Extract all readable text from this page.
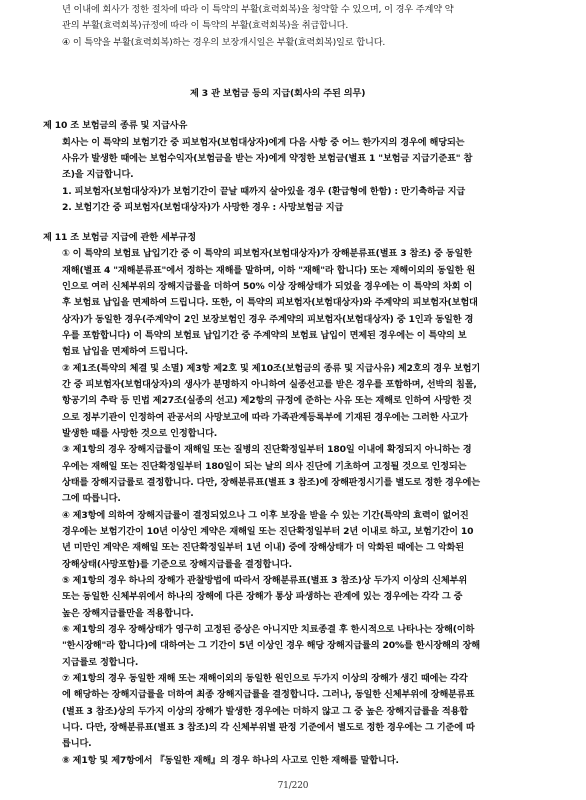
년 이내에 회사가 정한 절차에 따라 이 특약의 부활(효력회복)을 청약할 수 있으며, 이 경우 주계약 약
관의 부활(효력회복)규정에 따라 이 특약의 부활(효력회복)을 취급합니다.
④ 이 특약을 부활(효력회복)하는 경우의 보장개시일은 부활(효력회복)일로 합니다.
제 3 관 보험금 등의 지급(회사의 주된 의무)
제 10 조 보험금의 종류 및 지급사유
회사는 이 특약의 보험기간 중 피보험자(보험대상자)에게 다음 사항 중 어느 한가지의 경우에 해당되는
사유가 발생한 때에는 보험수익자(보험금을 받는 자)에게 약정한 보험금(별표 1 "보험금 지급기준표" 참
조)을 지급합니다.
1. 피보험자(보험대상자)가 보험기간이 끝날 때까지 살아있을 경우 (환급형에 한함) : 만기축하금 지급
2. 보험기간 중 피보험자(보험대상자)가 사망한 경우 : 사망보험금 지급
제 11 조 보험금 지급에 관한 세부규정
① 이 특약의 보험료 납입기간 중 이 특약의 피보험자(보험대상자)가 장해분류표(별표 3 참조) 중 동일한
재해(별표 4 "재해분류표"에서 정하는 재해를 말하며, 이하 "재해"라 합니다) 또는 재해이외의 동일한 원
인으로 여러 신체부위의 장해지급률을 더하여 50% 이상 장해상태가 되었을 경우에는 이 특약의 차회 이
후 보험료 납입을 면제하여 드립니다. 또한, 이 특약의 피보험자(보험대상자)와 주계약의 피보험자(보험대
상자)가 동일한 경우(주계약이 2인 보장보험인 경우 주계약의 피보험자(보험대상자) 중 1인과 동일한 경
우를 포함합니다) 이 특약의 보험료 납입기간 중 주계약의 보험료 납입이 면제된 경우에는 이 특약의 보
험료 납입을 면제하여 드립니다.
② 제1조(특약의 체결 및 소멸) 제3항 제2호 및 제10조(보험금의 종류 및 지급사유) 제2호의 경우 보험기
간 중 피보험자(보험대상자)의 생사가 분명하지 아니하여 실종선고를 받은 경우를 포함하며, 선박의 침몰,
항공기의 추락 등 민법 제27조(실종의 선고) 제2항의 규정에 준하는 사유 또는 재해로 인하여 사망한 것
으로 정부기관이 인정하여 관공서의 사망보고에 따라 가족관계등록부에 기재된 경우에는 그러한 사고가
발생한 때를 사망한 것으로 인정합니다.
③ 제1항의 경우 장해지급률이 재해일 또는 질병의 진단확정일부터 180일 이내에 확정되지 아니하는 경
우에는 재해일 또는 진단확정일부터 180일이 되는 날의 의사 진단에 기초하여 고정될 것으로 인정되는
상태를 장해지급률로 결정합니다. 다만, 장해분류표(별표 3 참조)에 장해판정시기를 별도로 정한 경우에는
그에 따릅니다.
④ 제3항에 의하여 장해지급률이 결정되었으나 그 이후 보장을 받을 수 있는 기간(특약의 효력이 없어진
경우에는 보험기간이 10년 이상인 계약은 재해일 또는 진단확정일부터 2년 이내로 하고, 보험기간이 10
년 미만인 계약은 재해일 또는 진단확정일부터 1년 이내) 중에 장해상태가 더 악화된 때에는 그 악화된
장해상태(사망포함)를 기준으로 장해지급률을 결정합니다.
⑤ 제1항의 경우 하나의 장해가 관찰방법에 따라서 장해분류표(별표 3 참조)상 두가지 이상의 신체부위
또는 동일한 신체부위에서 하나의 장해에 다른 장해가 통상 파생하는 관계에 있는 경우에는 각각 그 중
높은 장해지급률만을 적용합니다.
⑥ 제1항의 경우 장해상태가 영구히 고정된 증상은 아니지만 치료종결 후 한시적으로 나타나는 장해(이하
"한시장해"라 합니다)에 대하여는 그 기간이 5년 이상인 경우 해당 장해지급률의 20%를 한시장해의 장해
지급률로 정합니다.
⑦ 제1항의 경우 동일한 재해 또는 재해이외의 동일한 원인으로 두가지 이상의 장해가 생긴 때에는 각각
에 해당하는 장해지급률을 더하여 최종 장해지급률을 결정합니다. 그러나, 동일한 신체부위에 장해분류표
(별표 3 참조)상의 두가지 이상의 장해가 발생한 경우에는 더하지 않고 그 중 높은 장해지급률을 적용합
니다. 다만, 장해분류표(별표 3 참조)의 각 신체부위별 판정 기준에서 별도로 정한 경우에는 그 기준에 따
릅니다.
⑧ 제1항 및 제7항에서 『동일한 재해』의 경우 하나의 사고로 인한 재해를 말합니다.
71/220
